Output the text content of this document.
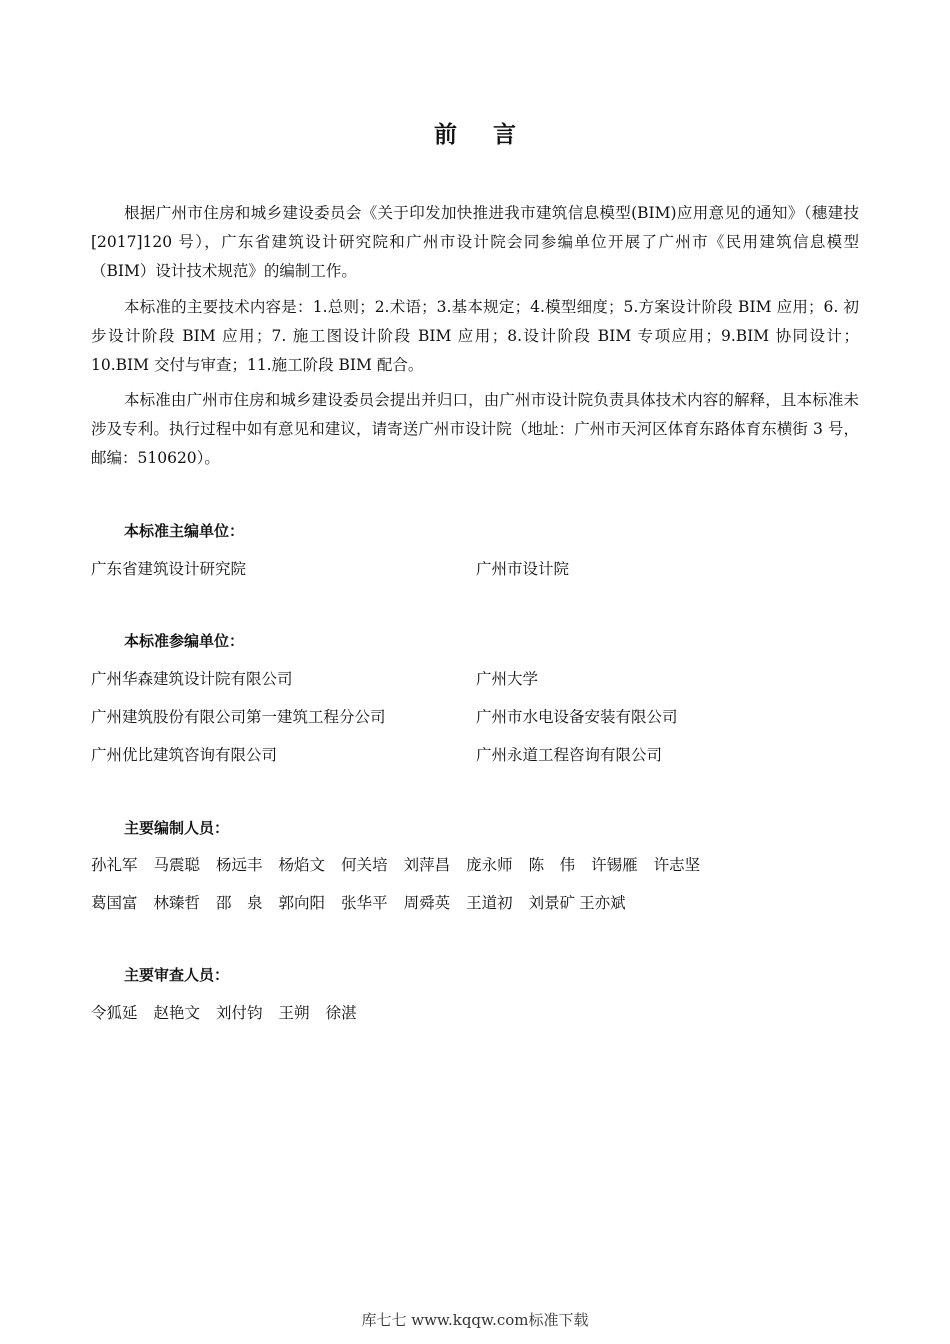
前 言

根据广州市住房和城乡建设委员会《关于印发加快推进我市建筑信息模型(BIM)应用意见的通知》（穗建技[2017]120 号），广东省建筑设计研究院和广州市设计院会同参编单位开展了广州市《民用建筑信息模型（BIM）设计技术规范》的编制工作。

本标准的主要技术内容是：1.总则；2.术语；3.基本规定；4.模型细度；5.方案设计阶段 BIM 应用；6. 初步设计阶段 BIM 应用；7. 施工图设计阶段 BIM 应用；8.设计阶段 BIM 专项应用；9.BIM 协同设计；10.BIM 交付与审查；11.施工阶段 BIM 配合。

本标准由广州市住房和城乡建设委员会提出并归口，由广州市设计院负责具体技术内容的解释，且本标准未涉及专利。执行过程中如有意见和建议，请寄送广州市设计院（地址：广州市天河区体育东路体育东横街 3 号，邮编：510620）。

本标准主编单位：
广东省建筑设计研究院	广州市设计院
本标准参编单位：
广州华森建筑设计院有限公司	广州大学
广州建筑股份有限公司第一建筑工程分公司	广州市水电设备安装有限公司
广州优比建筑咨询有限公司	广州永道工程咨询有限公司
主要编制人员：
孙礼军 马震聪 杨远丰 杨焰文 何关培 刘萍昌 庞永师 陈　伟 许锡雁 许志坚
葛国富 林臻哲 邵　泉 郭向阳 张华平 周舜英 王道初 刘景矿 王亦斌
主要审查人员：
令狐延 赵艳文 刘付钧 王朔 徐湛
库七七 www.kqqw.com标准下载
